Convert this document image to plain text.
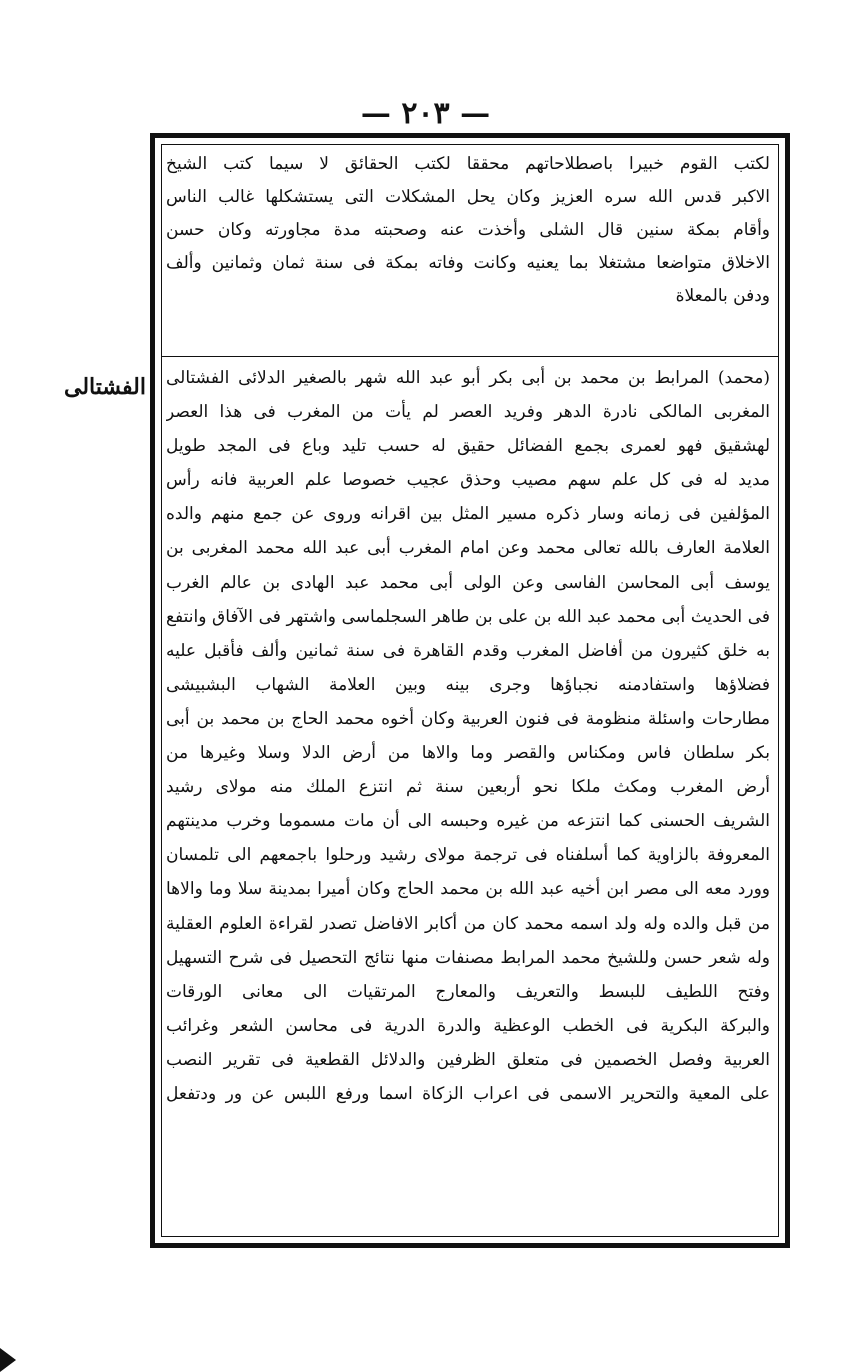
— ٢٠٣ —
الفشتالى
لكتب القوم خبيرا باصطلاحاتهم محققا لكتب الحقائق لا سيما كتب الشيخ
الاكبر قدس الله سره العزيز وكان يحل المشكلات التى يستشكلها غالب الناس
وأقام بمكة سنين قال الشلى وأخذت عنه وصحبته مدة مجاورته وكان حسن
الاخلاق متواضعا مشتغلا بما يعنيه وكانت وفاته بمكة فى سنة ثمان وثمانين وألف
ودفن بالمعلاة
(محمد) المرابط بن محمد بن أبى بكر أبو عبد الله شهر بالصغير الدلائى الفشتالى
المغربى المالكى نادرة الدهر وفريد العصر لم يأت من المغرب فى هذا العصر
لهشقيق فهو لعمرى بجمع الفضائل حقيق له حسب تليد وباع فى المجد طويل
مديد له فى كل علم سهم مصيب وحذق عجيب خصوصا علم العربية فانه رأس
المؤلفين فى زمانه وسار ذكره مسير المثل بين اقرانه وروى عن جمع منهم والده
العلامة العارف بالله تعالى محمد وعن امام المغرب أبى عبد الله محمد المغربى بن
يوسف أبى المحاسن الفاسى وعن الولى أبى محمد عبد الهادى بن عالم الغرب
فى الحديث أبى محمد عبد الله بن على بن طاهر السجلماسى واشتهر فى الآفاق وانتفع
به خلق كثيرون من أفاضل المغرب وقدم القاهرة فى سنة ثمانين وألف فأقبل عليه
فضلاؤها واستفادمنه نجباؤها وجرى بينه وبين العلامة الشهاب البشبيشى
مطارحات واسئلة منظومة فى فنون العربية وكان أخوه محمد الحاج بن محمد بن أبى
بكر سلطان فاس ومكناس والقصر وما والاها من أرض الدلا وسلا وغيرها من
أرض المغرب ومكث ملكا نحو أربعين سنة ثم انتزع الملك منه مولاى رشيد
الشريف الحسنى كما انتزعه من غيره وحبسه الى أن مات مسموما وخرب مدينتهم
المعروفة بالزاوية كما أسلفناه فى ترجمة مولاى رشيد ورحلوا باجمعهم الى تلمسان
وورد معه الى مصر ابن أخيه عبد الله بن محمد الحاج وكان أميرا بمدينة سلا وما والاها
من قبل والده وله ولد اسمه محمد كان من أكابر الافاضل تصدر لقراءة العلوم العقلية
وله شعر حسن وللشيخ محمد المرابط مصنفات منها نتائج التحصيل فى شرح التسهيل
وفتح اللطيف للبسط والتعريف والمعارج المرتقيات الى معانى الورقات
والبركة البكرية فى الخطب الوعظية والدرة الدرية فى محاسن الشعر وغرائب
العربية وفصل الخصمين فى متعلق الظرفين والدلائل القطعية فى تقرير النصب
على المعية والتحرير الاسمى فى اعراب الزكاة اسما ورفع اللبس عن ور ودتفعل
